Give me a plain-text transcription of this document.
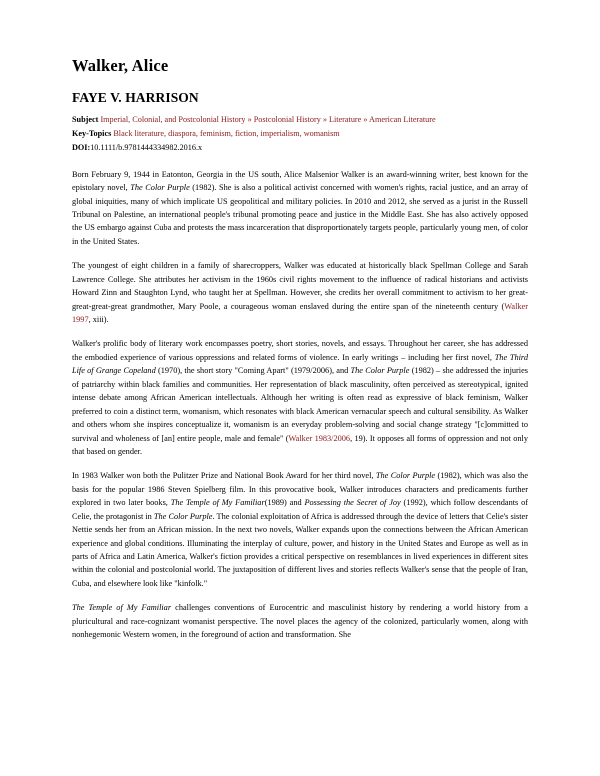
Walker, Alice
FAYE V. HARRISON
Subject Imperial, Colonial, and Postcolonial History » Postcolonial History » Literature » American Literature
Key-Topics Black literature, diaspora, feminism, fiction, imperialism, womanism
DOI:10.1111/b.9781444334982.2016.x

Born February 9, 1944 in Eatonton, Georgia in the US south, Alice Malsenior Walker is an award-winning writer, best known for the epistolary novel, The Color Purple (1982). She is also a political activist concerned with women's rights, racial justice, and an array of global iniquities, many of which implicate US geopolitical and military policies. In 2010 and 2012, she served as a jurist in the Russell Tribunal on Palestine, an international people's tribunal promoting peace and justice in the Middle East. She has also actively opposed the US embargo against Cuba and protests the mass incarceration that disproportionately targets people, particularly young men, of color in the United States.

The youngest of eight children in a family of sharecroppers, Walker was educated at historically black Spellman College and Sarah Lawrence College. She attributes her activism in the 1960s civil rights movement to the influence of radical historians and activists Howard Zinn and Staughton Lynd, who taught her at Spellman. However, she credits her overall commitment to activism to her great-great-great-great grandmother, Mary Poole, a courageous woman enslaved during the entire span of the nineteenth century (Walker 1997, xiii).

Walker's prolific body of literary work encompasses poetry, short stories, novels, and essays. Throughout her career, she has addressed the embodied experience of various oppressions and related forms of violence. In early writings – including her first novel, The Third Life of Grange Copeland (1970), the short story "Coming Apart" (1979/2006), and The Color Purple (1982) – she addressed the injuries of patriarchy within black families and communities. Her representation of black masculinity, often perceived as stereotypical, ignited intense debate among African American intellectuals. Although her writing is often read as expressive of black feminism, Walker preferred to coin a distinct term, womanism, which resonates with black American vernacular speech and cultural sensibility. As Walker and others whom she inspires conceptualize it, womanism is an everyday problem-solving and social change strategy "[c]ommitted to survival and wholeness of [an] entire people, male and female" (Walker 1983/2006, 19). It opposes all forms of oppression and not only that based on gender.

In 1983 Walker won both the Pulitzer Prize and National Book Award for her third novel, The Color Purple (1982), which was also the basis for the popular 1986 Steven Spielberg film. In this provocative book, Walker introduces characters and predicaments further explored in two later books, The Temple of My Familiar(1989) and Possessing the Secret of Joy (1992), which follow descendants of Celie, the protagonist in The Color Purple. The colonial exploitation of Africa is addressed through the device of letters that Celie's sister Nettie sends her from an African mission. In the next two novels, Walker expands upon the connections between the African American experience and global conditions. Illuminating the interplay of culture, power, and history in the United States and Europe as well as in parts of Africa and Latin America, Walker's fiction provides a critical perspective on resemblances in lived experiences in different sites within the colonial and postcolonial world. The juxtaposition of different lives and stories reflects Walker's sense that the people of Iran, Cuba, and elsewhere look like "kinfolk."

The Temple of My Familiar challenges conventions of Eurocentric and masculinist history by rendering a world history from a pluricultural and race-cognizant womanist perspective. The novel places the agency of the colonized, particularly women, along with nonhegemonic Western women, in the foreground of action and transformation. She
